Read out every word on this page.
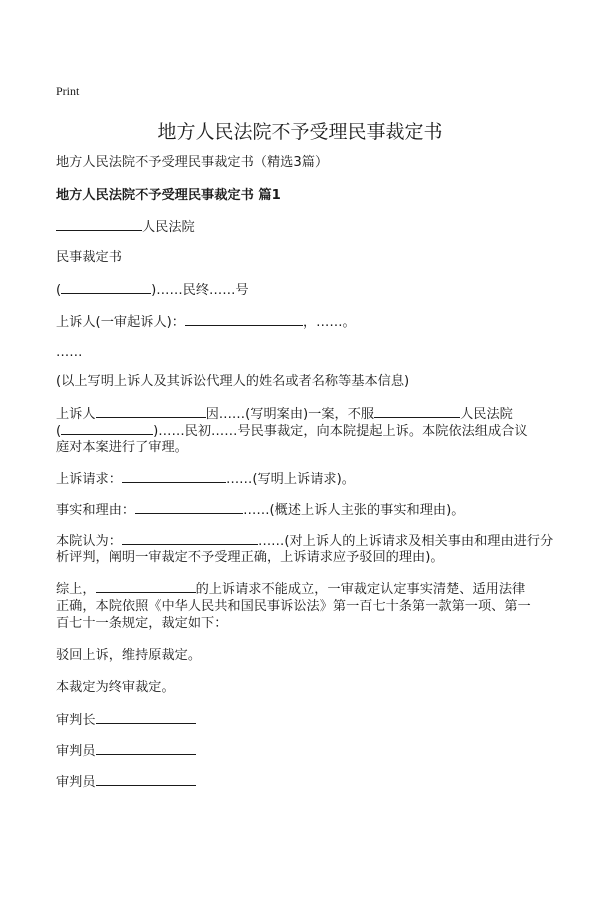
Print
地方人民法院不予受理民事裁定书

地方人民法院不予受理民事裁定书（精选3篇）

地方人民法院不予受理民事裁定书 篇1

人民法院

民事裁定书

(	)……民终……号

上诉人(一审起诉人)：	，……。

……

(以上写明上诉人及其诉讼代理人的姓名或者名称等基本信息)

上诉人	因……(写明案由)一案，不服	人民法院

(	)……民初……号民事裁定，向本院提起上诉。本院依法组成合议

庭对本案进行了审理。

上诉请求：	……(写明上诉请求)。

事实和理由：	……(概述上诉人主张的事实和理由)。

本院认为：	……(对上诉人的上诉请求及相关事由和理由进行分

析评判，阐明一审裁定不予受理正确，上诉请求应予驳回的理由)。

综上，	的上诉请求不能成立，一审裁定认定事实清楚、适用法律

正确，本院依照《中华人民共和国民事诉讼法》第一百七十条第一款第一项、第一

百七十一条规定，裁定如下：

驳回上诉，维持原裁定。

本裁定为终审裁定。

审判长

审判员

审判员
